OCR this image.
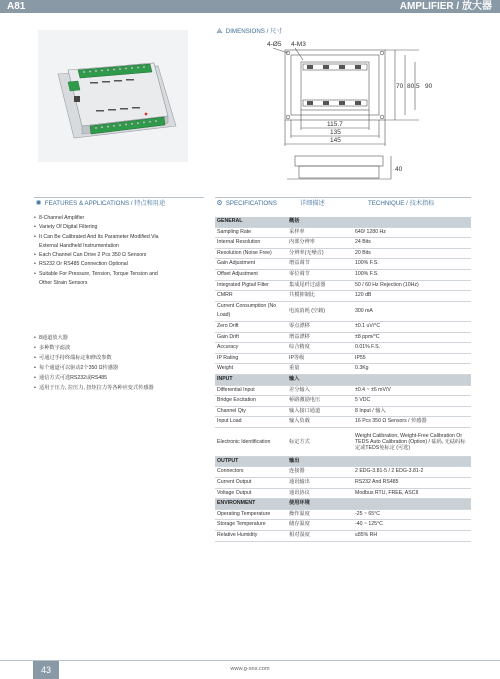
A81	AMPLIFIER / 放大器
⟁ DIMENSIONS / 尺寸
4-Ø5 4-M3
90
80.5
70
115.7
135
145
40
✺ FEATURES & APPLICATIONS / 特点和用途
• 8-Channel Amplifier
• Variety Of Digital Filtering
• It Can Be Calibrated And Its Parameter Modified Via
External Handheld Instrumentation
• Each Channel Can Drive 2 Pcs 350 Ω Sensors
• RS232 Or RS485 Connection Optional
• Suitable For Pressure, Tension, Torque Tension and
Other Strain Sensors
• 8通道放大器
• 多种数字滤波
• 可通过手持终端标定和修改参数
• 每个通道可以驱动2个350 Ω传感器
• 通信方式可选RS232或RS485
• 适用于压力, 拉压力, 扭矩拉力等各种应变式传感器
⚙ SPECIFICATIONS	详细描述	TECHNIQUE / 技术指标
GENERAL	概括	
Sampling Rate	采样率	640/ 1280 Hz
Internal Resolution	内部分辨率	24 Bits
Resolution (Noise Free)	分辨率(无噪音)	20 Bits
Gain Adjustment	增益调节	100% F.S.
Offset Adjustment	零位调节	100% F.S.
Integrated Pigtail Filter	集成尾纤过滤器	50 / 60 Hz Rejection (10Hz)
CMRR	共模抑制比	120 dB
Current Consumption (No Load)	电流消耗 (空载)	300 mA
Zero Drift	零点漂移	±0.1 uV/°C
Gain Drift	增益漂移	±8 ppm/°C
Accuracy	综合精度	0.01% F.S.
IP Rating	IP等级	IP55
Weight	重量	0.3Kg
INPUT	输入	
Differential Input	差分输入	±0.4 ~ ±6 mV/V
Bridge Excitation	桥路激励电压	5 VDC
Channel Qty	输入接口通道	8 Input / 输入
Input Load	输入负载	16 Pcs 350 Ω Sensors / 传感器
Electronic Identification	标定方式	Weight Calibration, Weight-Free Calibration Or TEDS Auto Calibration (Option) / 砝码, 无砝码标定或TEDS免标定 (可选)
OUTPUT	输出	
Connectors	连接器	2 EDG-3.81-5 / 2 EDG-3.81-2
Current Output	通讯输出	RS232 And RS485
Voltage Output	通讯协议	Modbus RTU, FREE, ASCII
ENVIRONMENT	使用环境	
Operating Temperature	操作温度	-25 ~ 65°C
Storage Temperature	储存温度	-40 ~ 125°C
Relative Humidity	相对湿度	≤85% RH
43	www.g-sns.com
